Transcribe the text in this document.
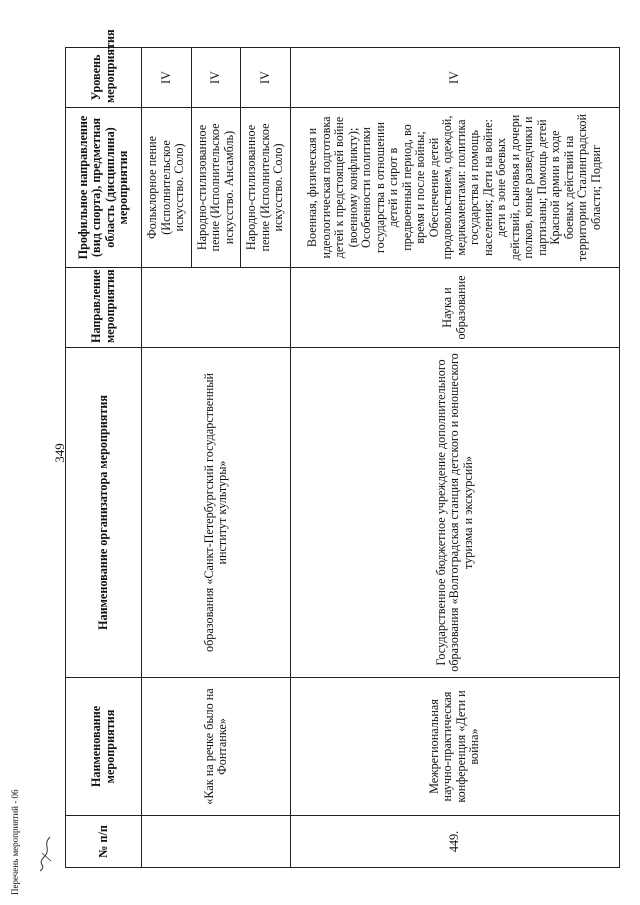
349
№ п/п	Наименование мероприятия	Наименование организатора мероприятия	Направление мероприятия	Профильное направление (вид спорта), предметная область (дисциплина) мероприятия	Уровень мероприятия
	«Как на речке было на Фонтанке»	образования «Санкт-Петербургский государственный институт культуры»		Фольклорное пение (Исполнительское искусство. Соло)	IV
				Народно-стилизованное пение (Исполнительское искусство. Ансамбль)	IV
				Народно-стилизованное пение (Исполнительское искусство. Соло)	IV
449.	Межрегиональная научно-практическая конференция «Дети и война»	Государственное бюджетное учреждение дополнительного образования «Волгоградская станция детского и юношеского туризма и экскурсий»	Наука и образование	Военная, физическая и идеологическая подготовка детей к предстоящей войне (военному конфликту); Особенности политики государства в отношении детей и сирот в предвоенный период, во время и после войны; Обеспечение детей продовольствием, одеждой, медикаментами: политика государства и помощь населения; Дети на войне: дети в зоне боевых действий, сыновья и дочери полков, юные разведчики и партизаны; Помощь детей Красной армии в ходе боевых действий на территории Сталинградской области; Подвиг	IV
Перечень мероприятий - 06
